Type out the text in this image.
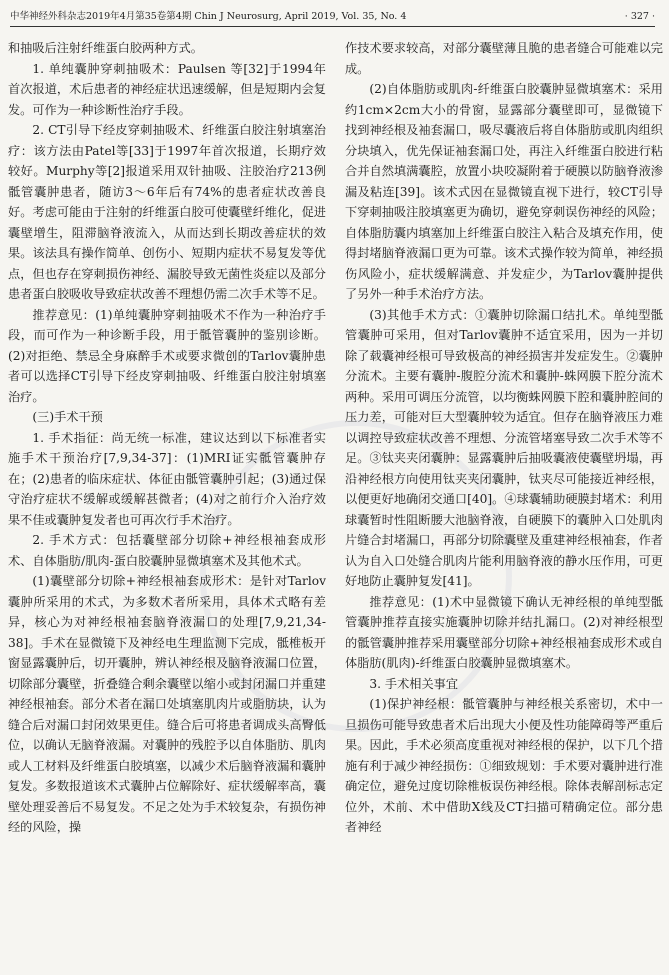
中华神经外科杂志2019年4月第35卷第4期 Chin J Neurosurg, April 2019, Vol. 35, No. 4	· 327 ·

和抽吸后注射纤维蛋白胶两种方式。

1. 单纯囊肿穿刺抽吸术：Paulsen 等[32]于1994年首次报道，术后患者的神经症状迅速缓解，但是短期内会复发。可作为一种诊断性治疗手段。

2. CT引导下经皮穿刺抽吸术、纤维蛋白胶注射填塞治疗：该方法由Patel等[33]于1997年首次报道，长期疗效较好。Murphy等[2]报道采用双针抽吸、注胶治疗213例骶管囊肿患者，随访3～6年后有74%的患者症状改善良好。考虑可能由于注射的纤维蛋白胶可使囊壁纤维化，促进囊壁增生，阻滞脑脊液流入，从而达到长期改善症状的效果。该法具有操作简单、创伤小、短期内症状不易复发等优点，但也存在穿刺损伤神经、漏胶导致无菌性炎症以及部分患者蛋白胶吸收导致症状改善不理想仍需二次手术等不足。

推荐意见：(1)单纯囊肿穿刺抽吸术不作为一种治疗手段，而可作为一种诊断手段，用于骶管囊肿的鉴别诊断。(2)对拒绝、禁忌全身麻醉手术或要求微创的Tarlov囊肿患者可以选择CT引导下经皮穿刺抽吸、纤维蛋白胶注射填塞治疗。

(三)手术干预

1. 手术指征：尚无统一标准，建议达到以下标准者实施手术干预治疗[7,9,34-37]：(1)MRI证实骶管囊肿存在；(2)患者的临床症状、体征由骶管囊肿引起；(3)通过保守治疗症状不缓解或缓解甚微者；(4)对之前行介入治疗效果不佳或囊肿复发者也可再次行手术治疗。

2. 手术方式：包括囊壁部分切除+神经根袖套成形术、自体脂肪/肌肉-蛋白胶囊肿显微填塞术及其他术式。

(1)囊壁部分切除+神经根袖套成形术：是针对Tarlov囊肿所采用的术式，为多数术者所采用，具体术式略有差异，核心为对神经根袖套脑脊液漏口的处理[7,9,21,34-38]。手术在显微镜下及神经电生理监测下完成，骶椎板开窗显露囊肿后，切开囊肿，辨认神经根及脑脊液漏口位置，切除部分囊壁，折叠缝合剩余囊壁以缩小或封闭漏口并重建神经根袖套。部分术者在漏口处填塞肌肉片或脂肪块，认为缝合后对漏口封闭效果更佳。缝合后可将患者调成头高臀低位，以确认无脑脊液漏。对囊肿的残腔予以自体脂肪、肌肉或人工材料及纤维蛋白胶填塞，以减少术后脑脊液漏和囊肿复发。多数报道该术式囊肿占位解除好、症状缓解率高，囊壁处理妥善后不易复发。不足之处为手术较复杂，有损伤神经的风险，操

作技术要求较高，对部分囊壁薄且脆的患者缝合可能难以完成。

(2)自体脂肪或肌肉-纤维蛋白胶囊肿显微填塞术：采用约1cm×2cm大小的骨窗，显露部分囊壁即可，显微镜下找到神经根及袖套漏口，吸尽囊液后将自体脂肪或肌肉组织分块填入，优先保证袖套漏口处，再注入纤维蛋白胶进行粘合并自然填满囊腔，放置小块咬凝附着于硬膜以防脑脊液渗漏及粘连[39]。该术式因在显微镜直视下进行，较CT引导下穿刺抽吸注胶填塞更为确切，避免穿刺误伤神经的风险；自体脂肪囊内填塞加上纤维蛋白胶注入粘合及填充作用，使得封堵脑脊液漏口更为可靠。该术式操作较为简单，神经损伤风险小，症状缓解满意、并发症少，为Tarlov囊肿提供了另外一种手术治疗方法。

(3)其他手术方式：①囊肿切除漏口结扎术。单纯型骶管囊肿可采用，但对Tarlov囊肿不适宜采用，因为一并切除了载囊神经根可导致极高的神经损害并发症发生。②囊肿分流术。主要有囊肿-腹腔分流术和囊肿-蛛网膜下腔分流术两种。采用可调压分流管，以均衡蛛网膜下腔和囊肿腔间的压力差，可能对巨大型囊肿较为适宜。但存在脑脊液压力难以调控导致症状改善不理想、分流管堵塞导致二次手术等不足。③钛夹夹闭囊肿：显露囊肿后抽吸囊液使囊壁坍塌，再沿神经根方向使用钛夹夹闭囊肿，钛夹尽可能接近神经根，以便更好地确闭交通口[40]。④球囊辅助硬膜封堵术：利用球囊暂时性阻断腰大池脑脊液，自硬膜下的囊肿入口处肌肉片缝合封堵漏口，再部分切除囊壁及重建神经根袖套，作者认为自入口处缝合肌肉片能利用脑脊液的静水压作用，可更好地防止囊肿复发[41]。

推荐意见：(1)术中显微镜下确认无神经根的单纯型骶管囊肿推荐直接实施囊肿切除并结扎漏口。(2)对神经根型的骶管囊肿推荐采用囊壁部分切除+神经根袖套成形术或自体脂肪(肌肉)-纤维蛋白胶囊肿显微填塞术。

3. 手术相关事宜

(1)保护神经根：骶管囊肿与神经根关系密切，术中一旦损伤可能导致患者术后出现大小便及性功能障碍等严重后果。因此，手术必须高度重视对神经根的保护，以下几个措施有利于减少神经损伤：①细致规划：手术要对囊肿进行准确定位，避免过度切除椎板误伤神经根。除体表解剖标志定位外，术前、术中借助X线及CT扫描可精确定位。部分患者神经
